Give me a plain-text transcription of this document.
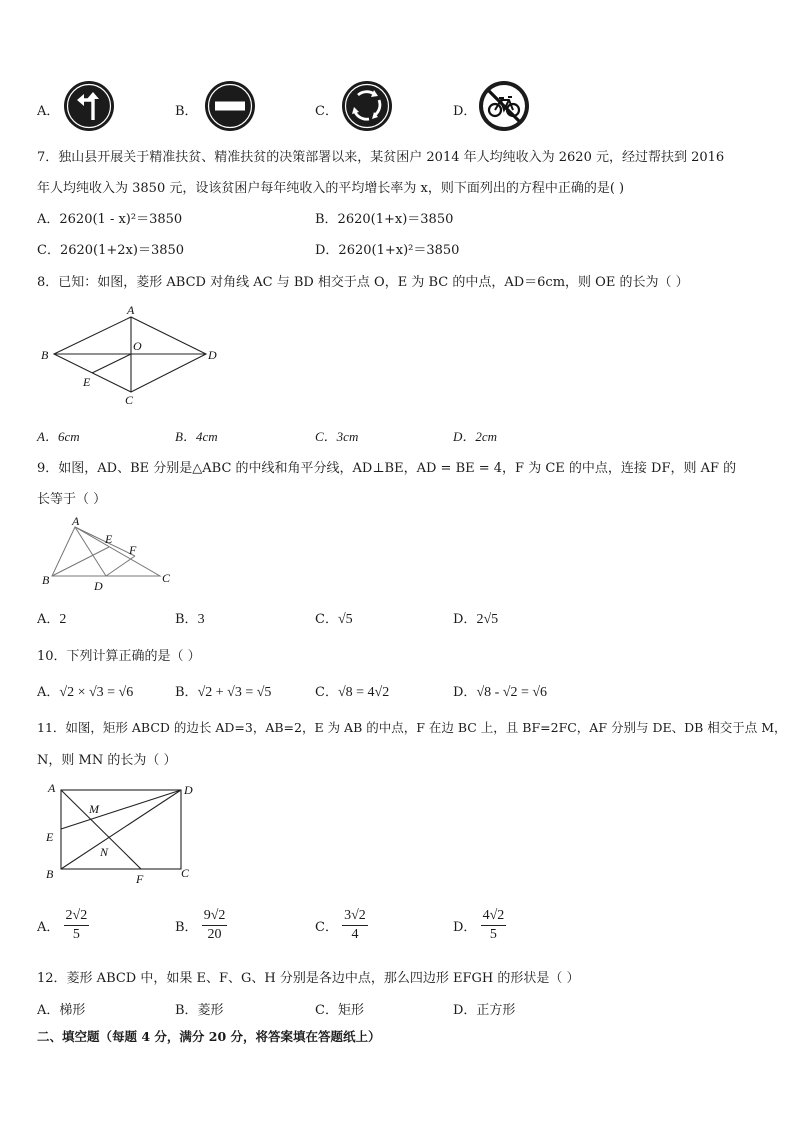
A．	B．	C．	D．
7．独山县开展关于精准扶贫、精准扶贫的决策部署以来，某贫困户 2014 年人均纯收入为 2620 元，经过帮扶到 2016
年人均纯收入为 3850 元，设该贫困户每年纯收入的平均增长率为 x，则下面列出的方程中正确的是( )
A．2620(1 - x)²＝3850	B．2620(1+x)＝3850
C．2620(1+2x)＝3850	D．2620(1+x)²＝3850
8．已知：如图，菱形 ABCD 对角线 AC 与 BD 相交于点 O，E 为 BC 的中点，AD＝6cm，则 OE 的长为（ ）
A
B
C
D
O
E
A．6cm	B．4cm	C．3cm	D．2cm
9．如图，AD、BE 分别是△ABC 的中线和角平分线，AD⊥BE，AD = BE = 4，F 为 CE 的中点，连接 DF，则 AF 的
长等于（ ）
A
B	C
D
E
F
A．2	B．3	C．√5	D．2√5
10．下列计算正确的是（ ）
A．√2 × √3 = √6	B．√2 + √3 = √5	C．√8 = 4√2	D．√8 - √2 = √6
11．如图，矩形 ABCD 的边长 AD=3，AB=2，E 为 AB 的中点，F 在边 BC 上，且 BF=2FC，AF 分别与 DE、DB 相交于点 M，
N，则 MN 的长为（ ）
A
B	C
D
E
F
M
N
A． $\frac{2√2}{5}$	B． $\frac{9√2}{20}$	C． $\frac{3√2}{4}$	D． $\frac{4√2}{5}$
12．菱形 ABCD 中，如果 E、F、G、H 分别是各边中点，那么四边形 EFGH 的形状是（ ）
A．梯形	B．菱形	C．矩形	D．正方形
二、填空题（每题 4 分，满分 20 分，将答案填在答题纸上）
